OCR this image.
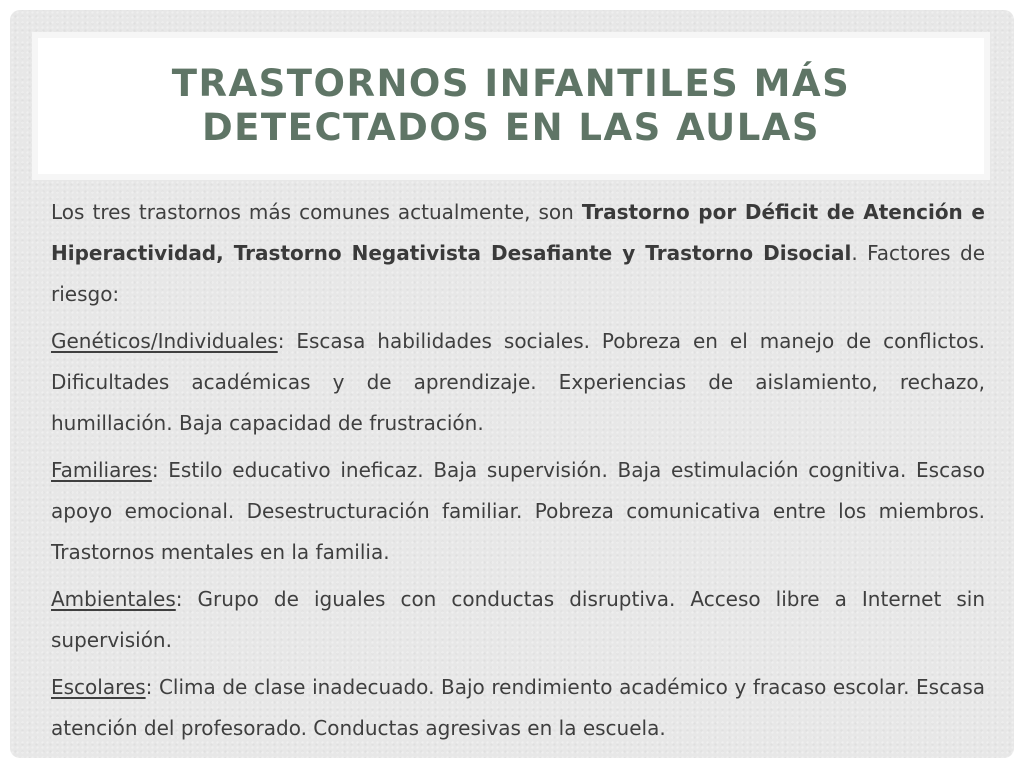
TRASTORNOS INFANTILES MÁS
DETECTADOS EN LAS AULAS

Los tres trastornos más comunes actualmente, son Trastorno por Déficit de Atención e Hiperactividad, Trastorno Negativista Desafiante y Trastorno Disocial. Factores de riesgo:

Genéticos/Individuales: Escasa habilidades sociales. Pobreza en el manejo de conflictos. Dificultades académicas y de aprendizaje. Experiencias de aislamiento, rechazo, humillación. Baja capacidad de frustración.

Familiares: Estilo educativo ineficaz. Baja supervisión. Baja estimulación cognitiva. Escaso apoyo emocional. Desestructuración familiar. Pobreza comunicativa entre los miembros. Trastornos mentales en la familia.

Ambientales: Grupo de iguales con conductas disruptiva. Acceso libre a Internet sin supervisión.

Escolares: Clima de clase inadecuado. Bajo rendimiento académico y fracaso escolar. Escasa atención del profesorado. Conductas agresivas en la escuela.
